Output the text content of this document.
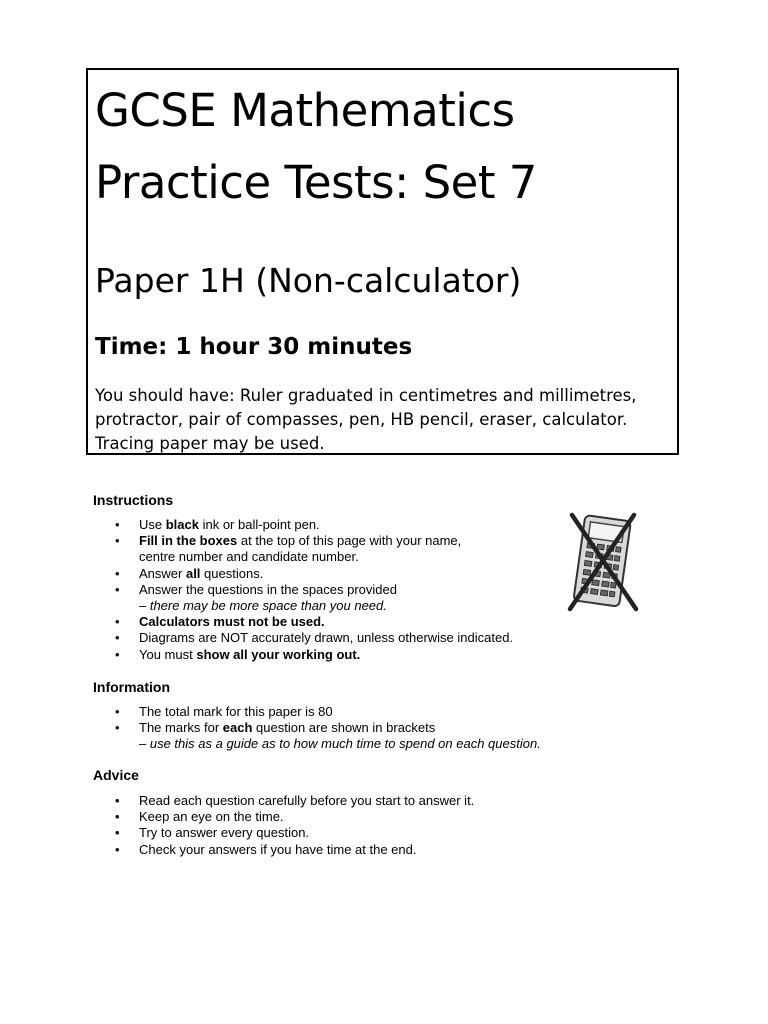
GCSE Mathematics
Practice Tests: Set 7
Paper 1H (Non-calculator)
Time: 1 hour 30 minutes
You should have: Ruler graduated in centimetres and millimetres, protractor, pair of compasses, pen, HB pencil, eraser, calculator. Tracing paper may be used.
Instructions
• Use black ink or ball-point pen.
• Fill in the boxes at the top of this page with your name,
centre number and candidate number.
• Answer all questions.
• Answer the questions in the spaces provided
– there may be more space than you need.
• Calculators must not be used.
• Diagrams are NOT accurately drawn, unless otherwise indicated.
• You must show all your working out.
Information
• The total mark for this paper is 80
• The marks for each question are shown in brackets
– use this as a guide as to how much time to spend on each question.
Advice
• Read each question carefully before you start to answer it.
• Keep an eye on the time.
• Try to answer every question.
• Check your answers if you have time at the end.
